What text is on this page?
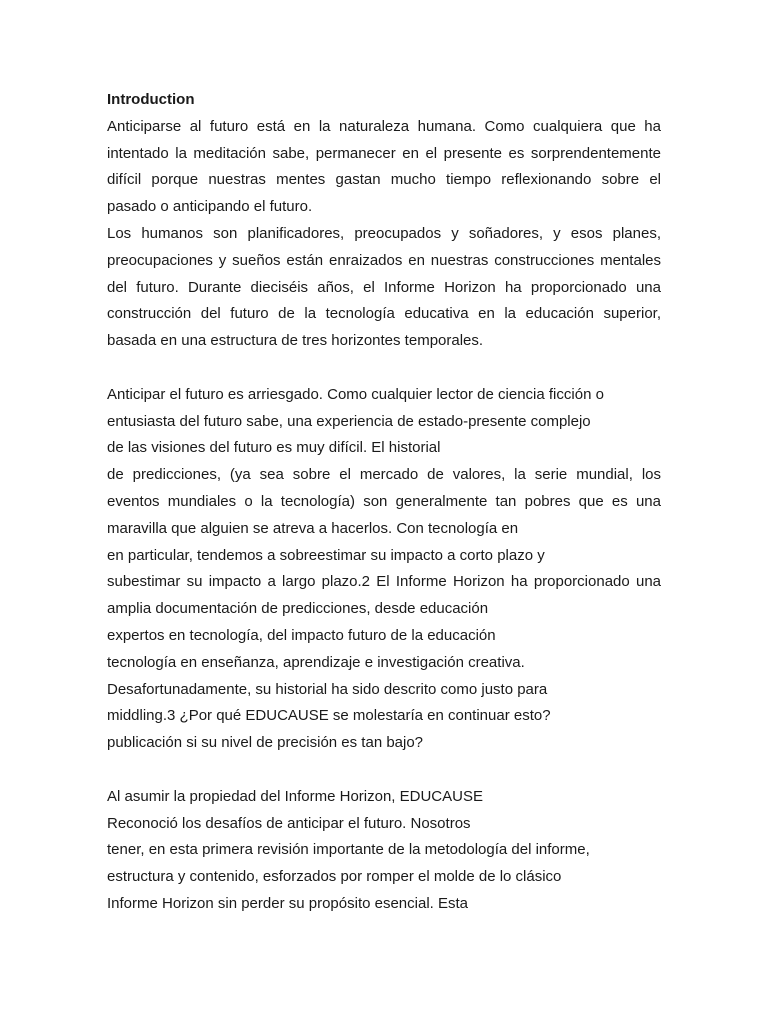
Introduction
Anticiparse al futuro está en la naturaleza humana. Como cualquiera que ha
intentado la meditación sabe, permanecer en el presente es sorprendentemente
difícil porque nuestras mentes gastan mucho tiempo reflexionando sobre el
pasado o anticipando el futuro.
Los humanos son planificadores, preocupados y soñadores, y esos planes,
preocupaciones y sueños están enraizados en nuestras construcciones mentales
del futuro. Durante dieciséis años, el Informe Horizon ha proporcionado una
construcción del futuro de la tecnología educativa en la educación superior,
basada en una estructura de tres horizontes temporales.
Anticipar el futuro es arriesgado. Como cualquier lector de ciencia ficción o
entusiasta del futuro sabe, una experiencia de estado-presente complejo
de las visiones del futuro es muy difícil. El historial
de predicciones, (ya sea sobre el mercado de valores, la serie mundial, los
eventos mundiales o la tecnología) son generalmente tan pobres que es una
maravilla que alguien se atreva a hacerlos. Con tecnología en
en particular, tendemos a sobreestimar su impacto a corto plazo y
subestimar su impacto a largo plazo.2 El Informe Horizon ha proporcionado una
amplia documentación de predicciones, desde educación
expertos en tecnología, del impacto futuro de la educación
tecnología en enseñanza, aprendizaje e investigación creativa.
Desafortunadamente, su historial ha sido descrito como justo para
middling.3 ¿Por qué EDUCAUSE se molestaría en continuar esto?
publicación si su nivel de precisión es tan bajo?
Al asumir la propiedad del Informe Horizon, EDUCAUSE
Reconoció los desafíos de anticipar el futuro. Nosotros
tener, en esta primera revisión importante de la metodología del informe,
estructura y contenido, esforzados por romper el molde de lo clásico
Informe Horizon sin perder su propósito esencial. Esta
